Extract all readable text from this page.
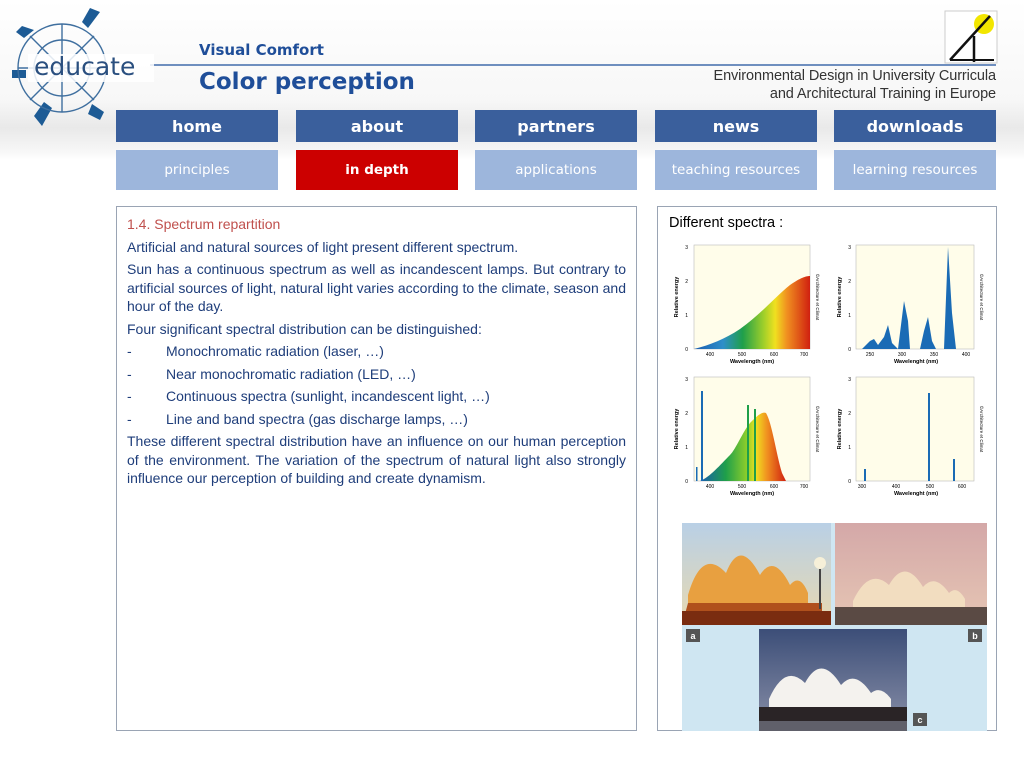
educate
Visual Comfort
Color perception	Environmental Design in University Curricula
and Architectural Training in Europe
home	about	partners	news	downloads
principles	in depth	applications	teaching resources	learning resources

1.4. Spectrum repartition

Artificial and natural sources of light present different spectrum.

Sun has a continuous spectrum as well as incandescent lamps. But contrary to artificial sources of light, natural light varies according to the climate, season and hour of the day.

Four significant spectral distribution can be distinguished:

-	Monochromatic radiation (laser, …)
-	Near monochromatic radiation (LED, …)
-	Continuous spectra (sunlight, incandescent light, …)
-	Line and band spectra (gas discharge lamps, …)

These different spectral distribution have an influence on our human perception of the environment. The variation of the spectrum of natural light also strongly influence our perception of building and create dynamism.

Different spectra :
0
1
2
3
400	500	600	700
Wavelength (nm)
Relative energy	©Architecture et Climat
0
1
2
3
250	300	350	400
Wavelenght (nm)
Relative energy	©Architecture et Climat
0
1
2
3
400	500	600	700
Wavelength (nm)
Relative energy	©Architecture et Climat
0
1
2
3
300	400	500	600
Wavelenght (nm)
Relative energy	©Architecture et Climat
a	b
c
